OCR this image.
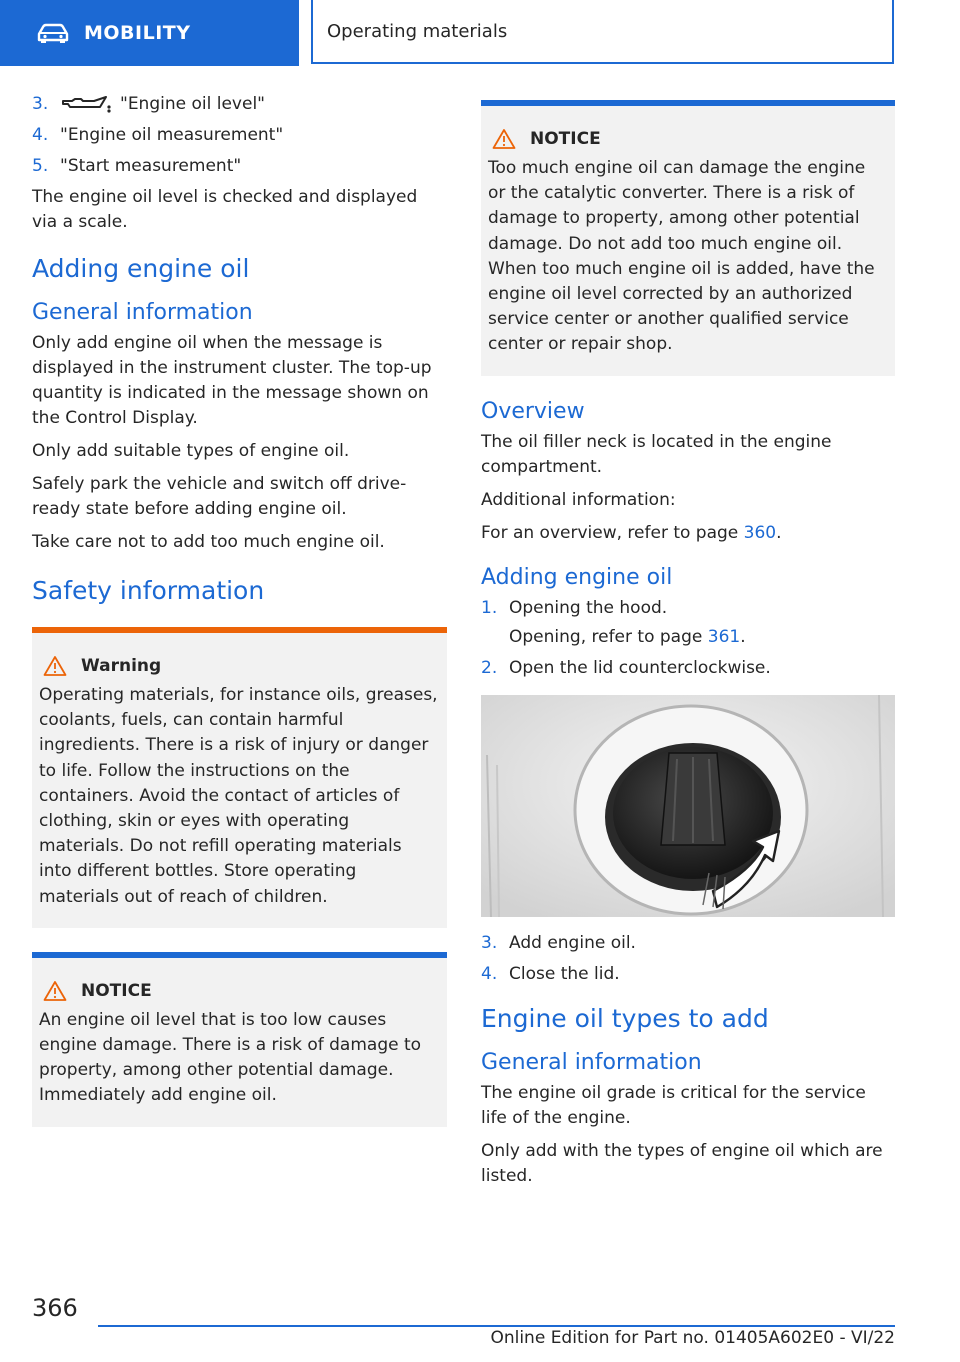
MOBILITY	Operating materials
3.	"Engine oil level"
4. "Engine oil measurement"
5. "Start measurement"

The engine oil level is checked and displayed via a scale.

Adding engine oil
General information

Only add engine oil when the message is displayed in the instrument cluster. The top-up quantity is indicated in the message shown on the Control Display.

Only add suitable types of engine oil.

Safely park the vehicle and switch off drive-ready state before adding engine oil.

Take care not to add too much engine oil.

Safety information
Warning

Operating materials, for instance oils, greases, coolants, fuels, can contain harmful ingredients. There is a risk of injury or danger to life. Follow the instructions on the containers. Avoid the contact of articles of clothing, skin or eyes with operating materials. Do not refill operating materials into different bottles. Store operating materials out of reach of children.

NOTICE

An engine oil level that is too low causes engine damage. There is a risk of damage to property, among other potential damage. Immediately add engine oil.

NOTICE

Too much engine oil can damage the engine or the catalytic converter. There is a risk of damage to property, among other potential damage. Do not add too much engine oil. When too much engine oil is added, have the engine oil level corrected by an authorized service center or another qualified service center or repair shop.

Overview

The oil filler neck is located in the engine compartment.

Additional information:

For an overview, refer to page 360.

Adding engine oil
1. Opening the hood.
Opening, refer to page 361.
2. Open the lid counterclockwise.
3. Add engine oil.
4. Close the lid.
Engine oil types to add
General information

The engine oil grade is critical for the service life of the engine.

Only add with the types of engine oil which are listed.

366
Online Edition for Part no. 01405A602E0 - VI/22
